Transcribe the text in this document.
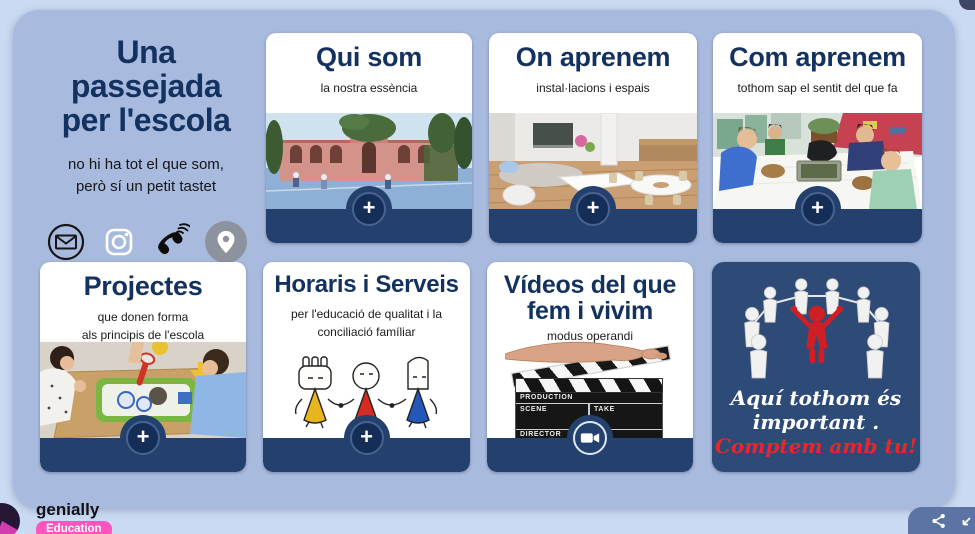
Una
passejada
per l'escola

no hi ha tot el que som,
però sí un petit tastet

Qui som

la nostra essència

+
On aprenem

instal·lacions i espais

+
Com aprenem

tothom sap el sentit del que fa

+
Projectes

que donen forma
als principis de l'escola

+
Horaris i Serveis

per l'educació de qualitat i la
conciliació famíliar

+
Vídeos del que
fem i vivim

modus operandi

PRODUCTION
SCENE	TAKE
DIRECTOR
Aquí tothom és
important .
Comptem amb tu!
genially
Education
